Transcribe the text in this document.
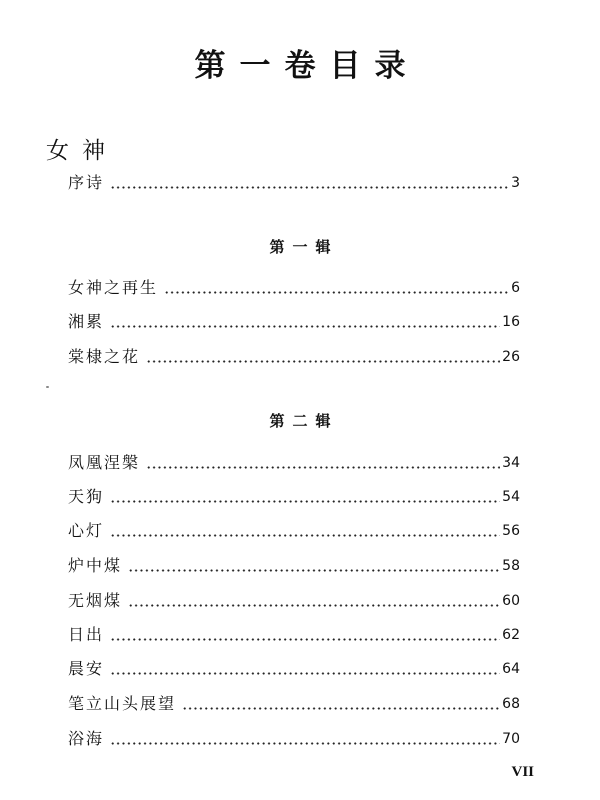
第一卷目录
女神
序诗	3
第一辑
女神之再生	6
湘累	16
棠棣之花	26
第二辑
凤凰涅槃	34
天狗	54
心灯	56
炉中煤	58
无烟煤	60
日出	62
晨安	64
笔立山头展望	68
浴海	70
VII
